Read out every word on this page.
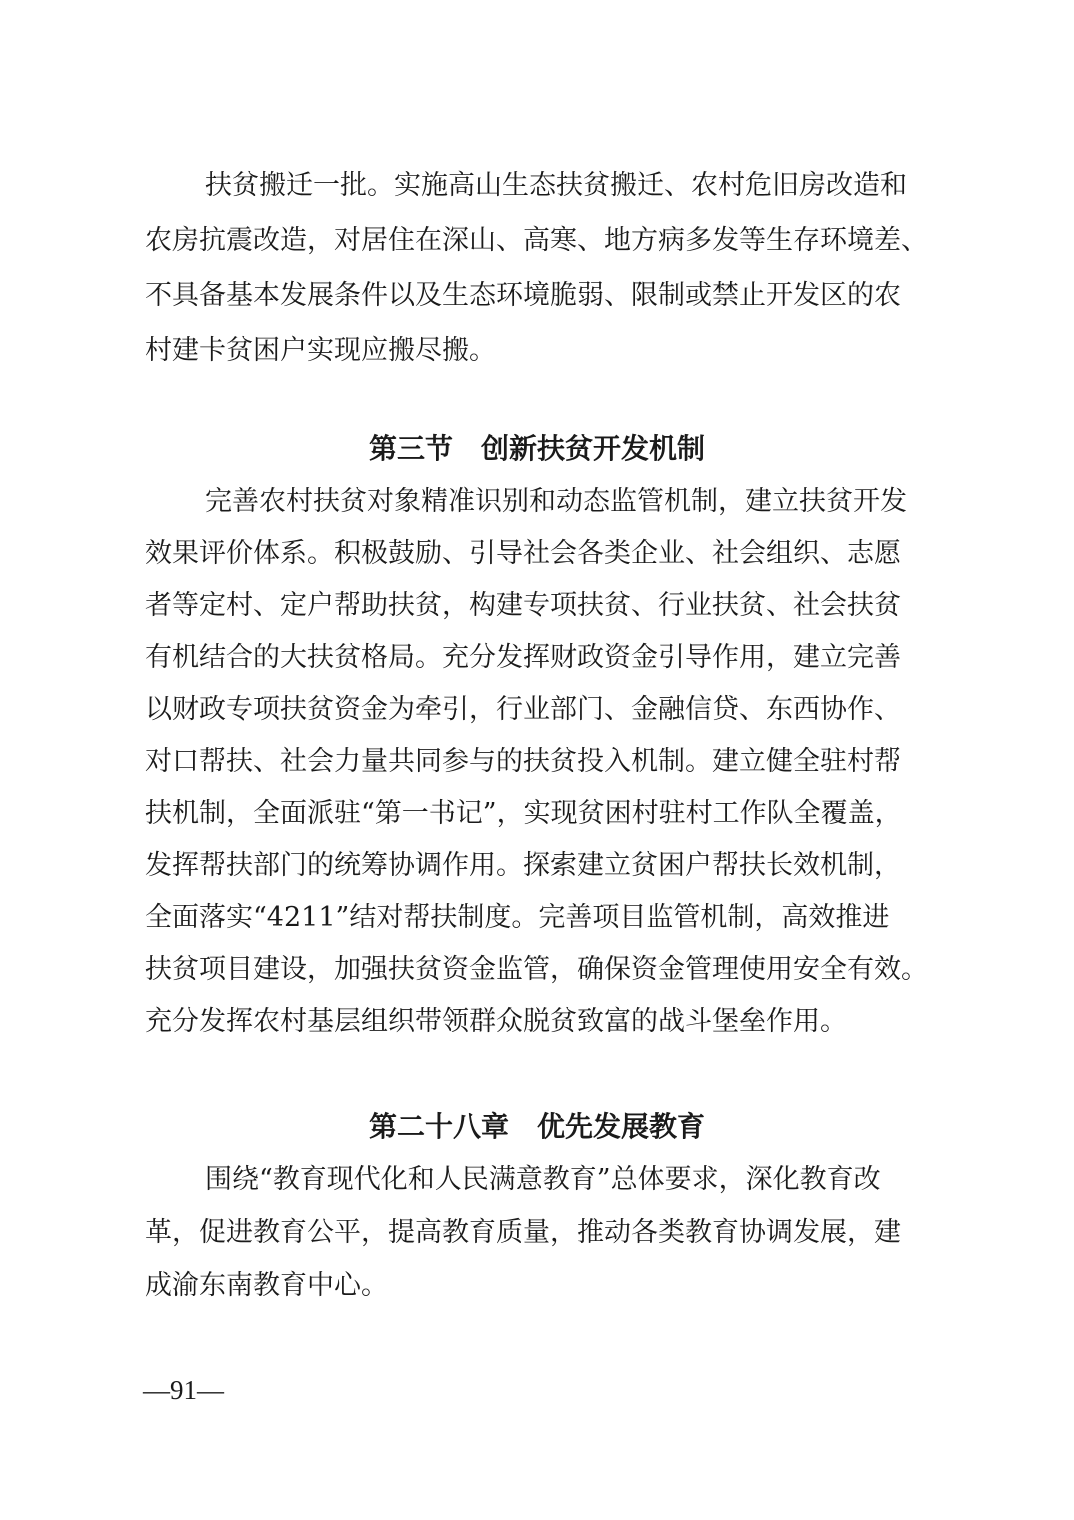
扶贫搬迁一批。实施高山生态扶贫搬迁、农村危旧房改造和
农房抗震改造，对居住在深山、高寒、地方病多发等生存环境差、
不具备基本发展条件以及生态环境脆弱、限制或禁止开发区的农
村建卡贫困户实现应搬尽搬。
第三节　创新扶贫开发机制
完善农村扶贫对象精准识别和动态监管机制，建立扶贫开发
效果评价体系。积极鼓励、引导社会各类企业、社会组织、志愿
者等定村、定户帮助扶贫，构建专项扶贫、行业扶贫、社会扶贫
有机结合的大扶贫格局。充分发挥财政资金引导作用，建立完善
以财政专项扶贫资金为牵引，行业部门、金融信贷、东西协作、
对口帮扶、社会力量共同参与的扶贫投入机制。建立健全驻村帮
扶机制，全面派驻“第一书记”，实现贫困村驻村工作队全覆盖，
发挥帮扶部门的统筹协调作用。探索建立贫困户帮扶长效机制，
全面落实“4211”结对帮扶制度。完善项目监管机制，高效推进
扶贫项目建设，加强扶贫资金监管，确保资金管理使用安全有效。
充分发挥农村基层组织带领群众脱贫致富的战斗堡垒作用。
第二十八章　优先发展教育
围绕“教育现代化和人民满意教育”总体要求，深化教育改
革，促进教育公平，提高教育质量，推动各类教育协调发展，建
成渝东南教育中心。
—91—
